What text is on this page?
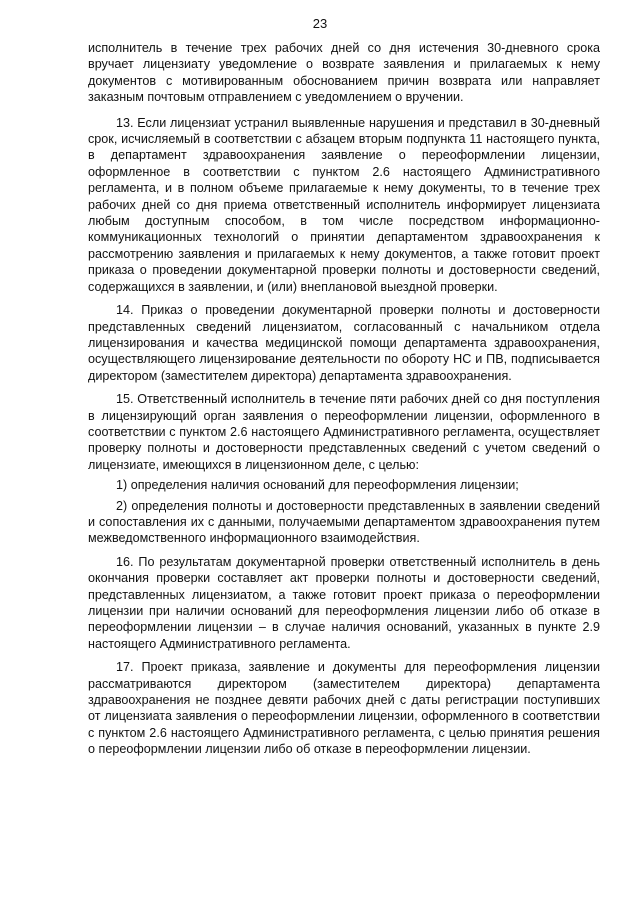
23

исполнитель в течение трех рабочих дней со дня истечения 30-дневного срока вручает лицензиату уведомление о возврате заявления и прилагаемых к нему документов с мотивированным обоснованием причин возврата или направляет заказным почтовым отправлением с уведомлением о вручении.

13. Если лицензиат устранил выявленные нарушения и представил в 30-дневный срок, исчисляемый в соответствии с абзацем вторым подпункта 11 настоящего пункта, в департамент здравоохранения заявление о переоформлении лицензии, оформленное в соответствии с пунктом 2.6 настоящего Административного регламента, и в полном объеме прилагаемые к нему документы, то в течение трех рабочих дней со дня приема ответственный исполнитель информирует лицензиата любым доступным способом, в том числе посредством информационно-коммуникационных технологий о принятии департаментом здравоохранения к рассмотрению заявления и прилагаемых к нему документов, а также готовит проект приказа о проведении документарной проверки полноты и достоверности сведений, содержащихся в заявлении, и (или) внеплановой выездной проверки.

14. Приказ о проведении документарной проверки полноты и достоверности представленных сведений лицензиатом, согласованный с начальником отдела лицензирования и качества медицинской помощи департамента здравоохранения, осуществляющего лицензирование деятельности по обороту НС и ПВ, подписывается директором (заместителем директора) департамента здравоохранения.

15. Ответственный исполнитель в течение пяти рабочих дней со дня поступления в лицензирующий орган заявления о переоформлении лицензии, оформленного в соответствии с пунктом 2.6 настоящего Административного регламента, осуществляет проверку полноты и достоверности представленных сведений с учетом сведений о лицензиате, имеющихся в лицензионном деле, с целью:

1) определения наличия оснований для переоформления лицензии;

2) определения полноты и достоверности представленных в заявлении сведений и сопоставления их с данными, получаемыми департаментом здравоохранения путем межведомственного информационного взаимодействия.

16. По результатам документарной проверки ответственный исполнитель в день окончания проверки составляет акт проверки полноты и достоверности сведений, представленных лицензиатом, а также готовит проект приказа о переоформлении лицензии при наличии оснований для переоформления лицензии либо об отказе в переоформлении лицензии – в случае наличия оснований, указанных в пункте 2.9 настоящего Административного регламента.

17. Проект приказа, заявление и документы для переоформления лицензии рассматриваются директором (заместителем директора) департамента здравоохранения не позднее девяти рабочих дней с даты регистрации поступивших от лицензиата заявления о переоформлении лицензии, оформленного в соответствии с пунктом 2.6 настоящего Административного регламента, с целью принятия решения о переоформлении лицензии либо об отказе в переоформлении лицензии.
